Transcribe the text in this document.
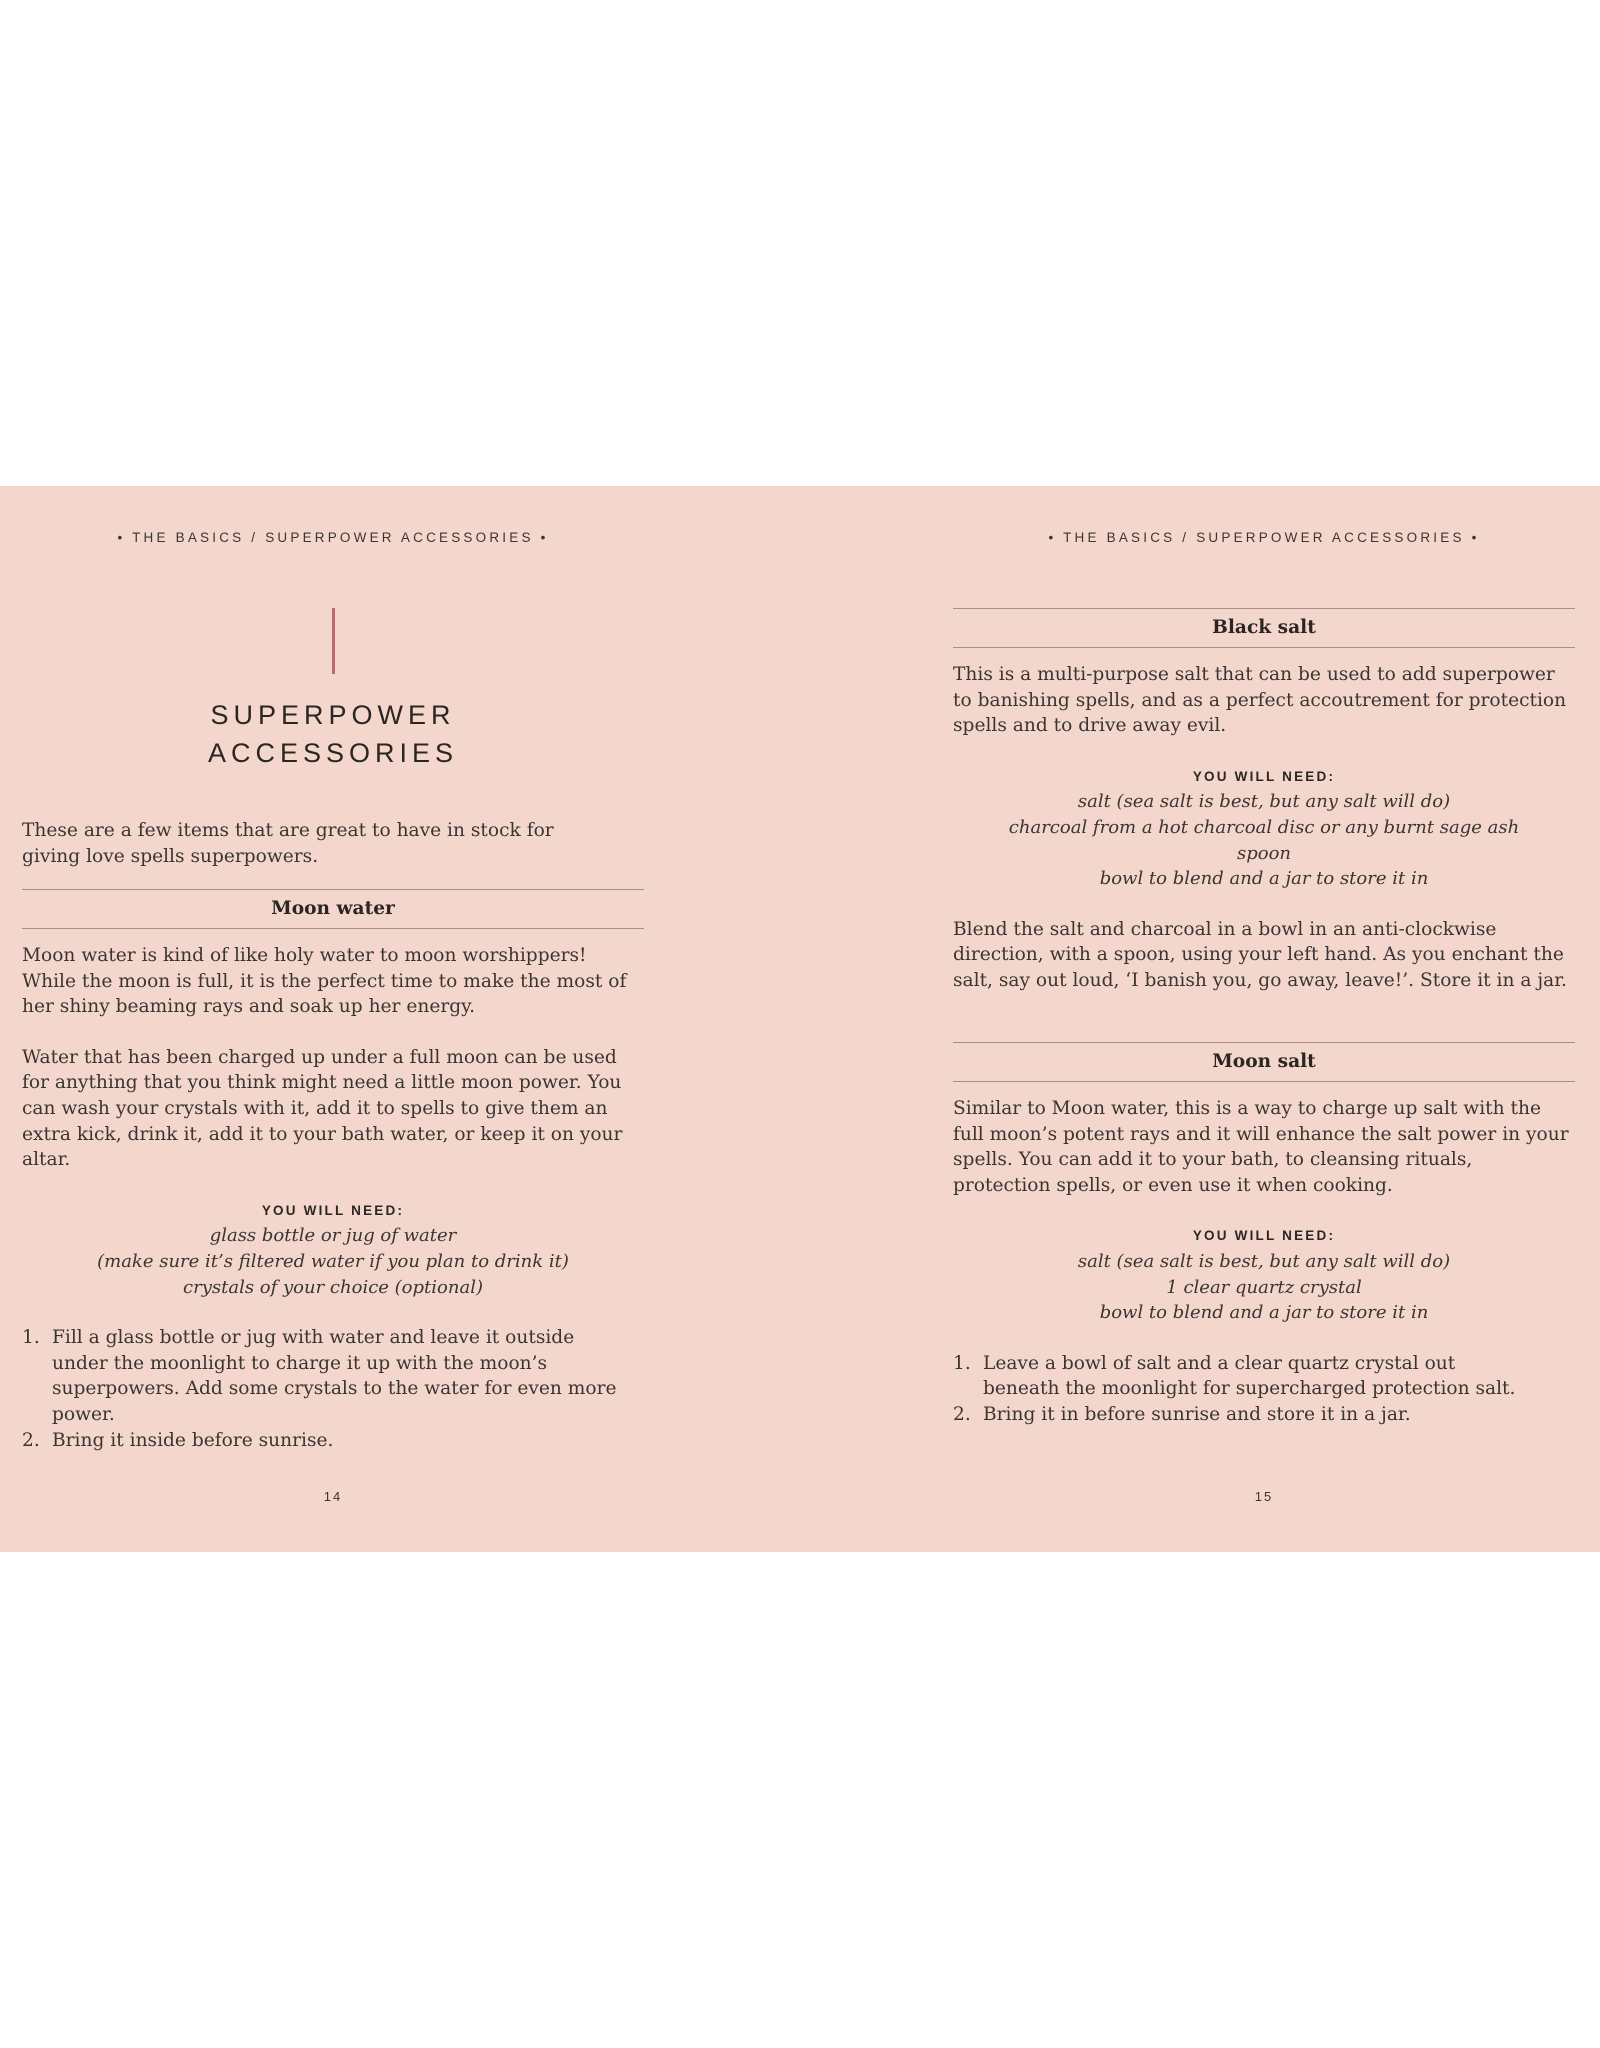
• THE BASICS / SUPERPOWER ACCESSORIES •
SUPERPOWER
ACCESSORIES

These are a few items that are great to have in stock for giving love spells superpowers.

Moon water

Moon water is kind of like holy water to moon worshippers! While the moon is full, it is the perfect time to make the most of her shiny beaming rays and soak up her energy.

Water that has been charged up under a full moon can be used for anything that you think might need a little moon power. You can wash your crystals with it, add it to spells to give them an extra kick, drink it, add it to your bath water, or keep it on your altar.

YOU WILL NEED:
glass bottle or jug of water
(make sure it’s filtered water if you plan to drink it)
crystals of your choice (optional)
1. Fill a glass bottle or jug with water and leave it outside under the moonlight to charge it up with the moon’s superpowers. Add some crystals to the water for even more power.
2. Bring it inside before sunrise.
14
• THE BASICS / SUPERPOWER ACCESSORIES •
Black salt

This is a multi-purpose salt that can be used to add superpower to banishing spells, and as a perfect accoutrement for protection spells and to drive away evil.

YOU WILL NEED:
salt (sea salt is best, but any salt will do)
charcoal from a hot charcoal disc or any burnt sage ash
spoon
bowl to blend and a jar to store it in

Blend the salt and charcoal in a bowl in an anti-clockwise direction, with a spoon, using your left hand. As you enchant the salt, say out loud, ‘I banish you, go away, leave!’. Store it in a jar.

Moon salt

Similar to Moon water, this is a way to charge up salt with the full moon’s potent rays and it will enhance the salt power in your spells. You can add it to your bath, to cleansing rituals, protection spells, or even use it when cooking.

YOU WILL NEED:
salt (sea salt is best, but any salt will do)
1 clear quartz crystal
bowl to blend and a jar to store it in
1. Leave a bowl of salt and a clear quartz crystal out beneath the moonlight for supercharged protection salt.
2. Bring it in before sunrise and store it in a jar.
15
